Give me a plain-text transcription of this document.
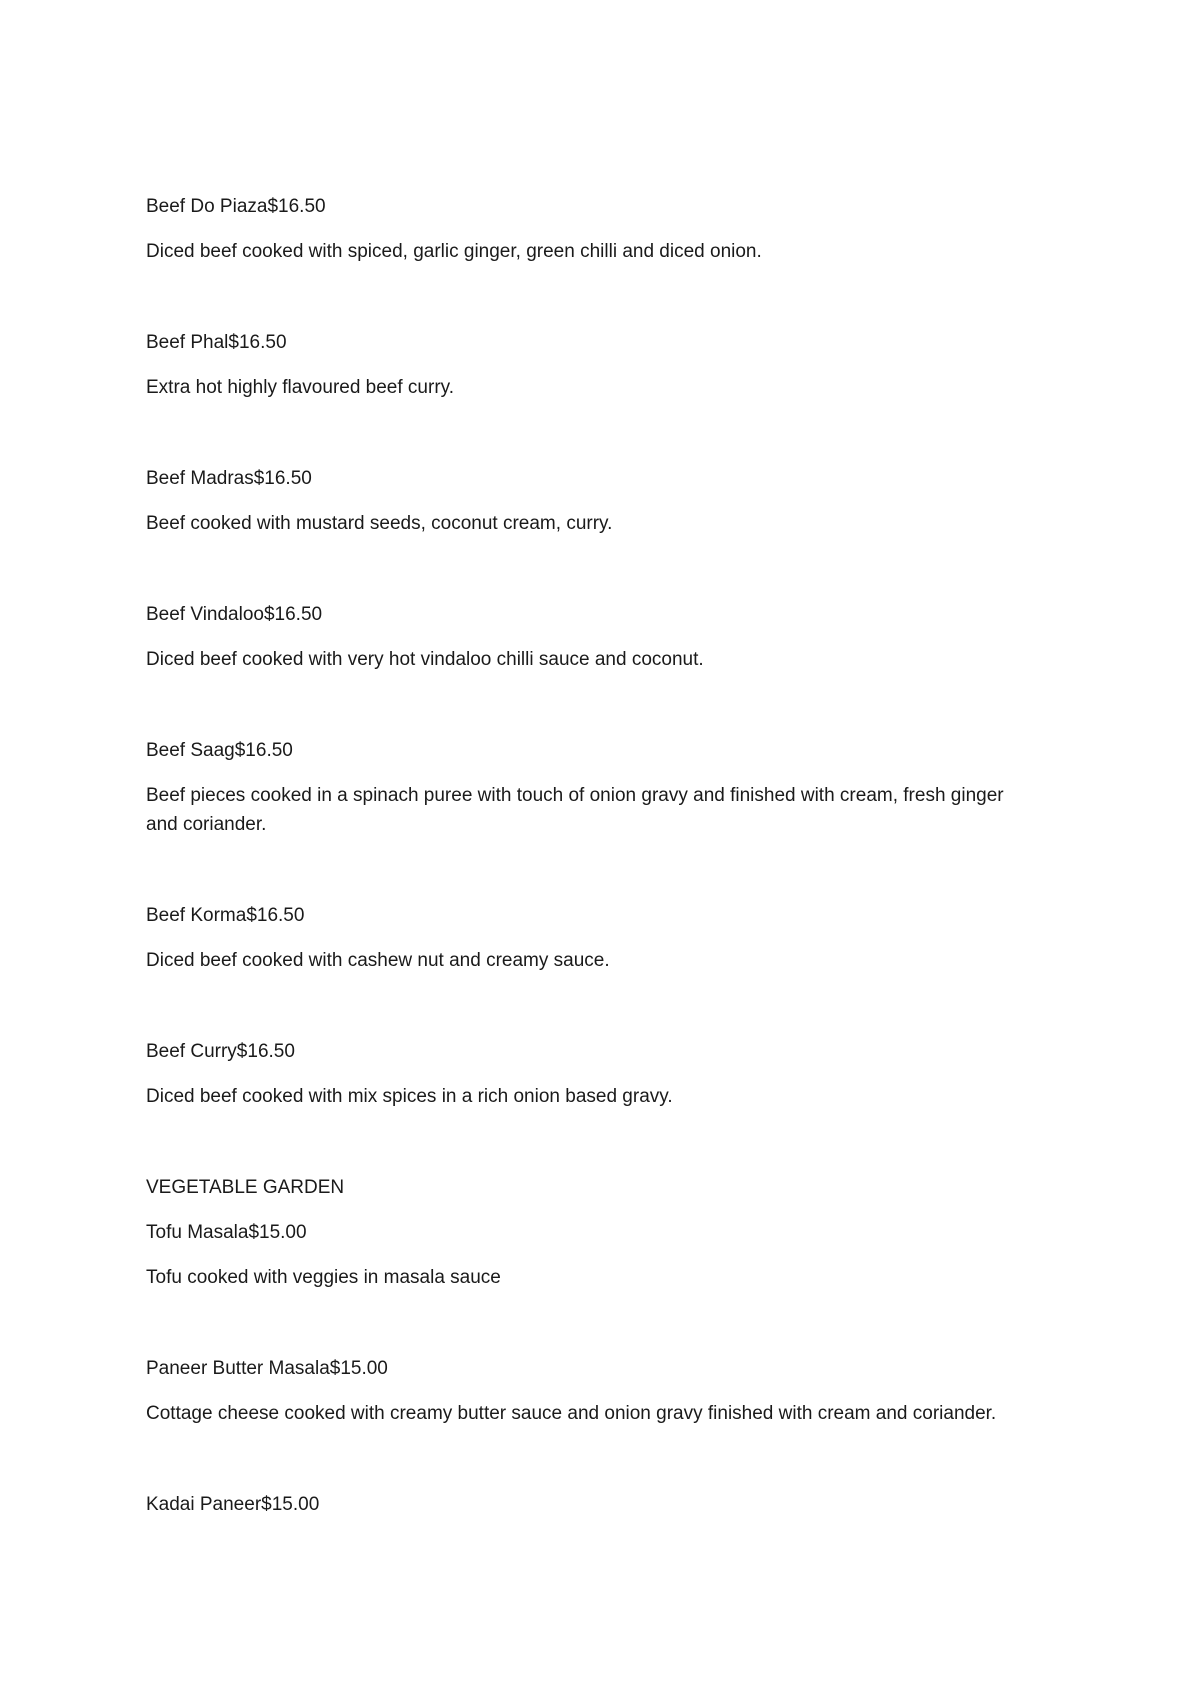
Beef Do Piaza$16.50

Diced beef cooked with spiced, garlic ginger, green chilli and diced onion.

Beef Phal$16.50

Extra hot highly flavoured beef curry.

Beef Madras$16.50

Beef cooked with mustard seeds, coconut cream, curry.

Beef Vindaloo$16.50

Diced beef cooked with very hot vindaloo chilli sauce and coconut.

Beef Saag$16.50

Beef pieces cooked in a spinach puree with touch of onion gravy and finished with cream, fresh ginger and coriander.

Beef Korma$16.50

Diced beef cooked with cashew nut and creamy sauce.

Beef Curry$16.50

Diced beef cooked with mix spices in a rich onion based gravy.

VEGETABLE GARDEN

Tofu Masala$15.00

Tofu cooked with veggies in masala sauce

Paneer Butter Masala$15.00

Cottage cheese cooked with creamy butter sauce and onion gravy finished with cream and coriander.

Kadai Paneer$15.00
